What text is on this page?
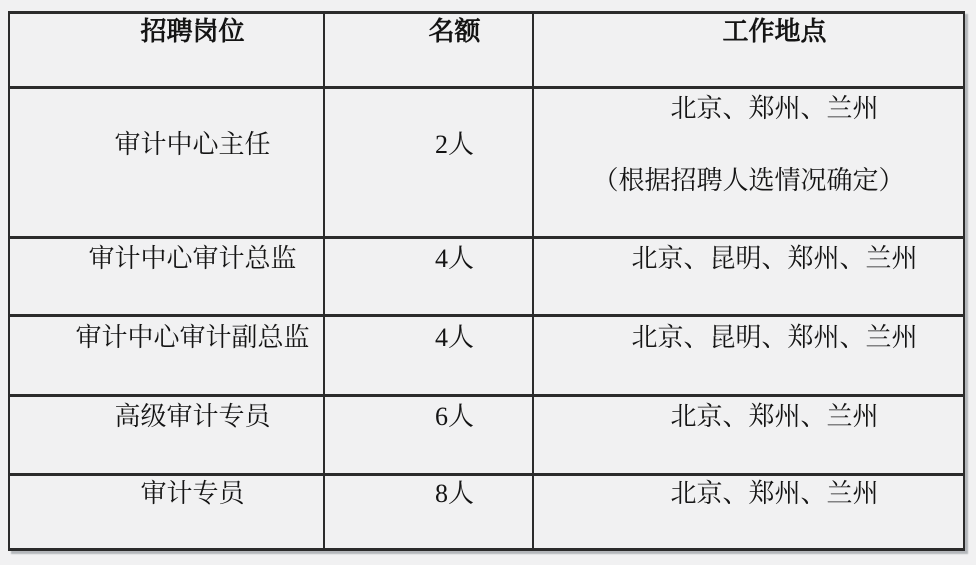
招聘岗位	名额	工作地点

审计中心主任	2人	北京、郑州、兰州
（根据招聘人选情况确定）

审计中心审计总监	4人	北京、昆明、郑州、兰州

审计中心审计副总监	4人	北京、昆明、郑州、兰州

高级审计专员	6人	北京、郑州、兰州

审计专员	8人	北京、郑州、兰州
